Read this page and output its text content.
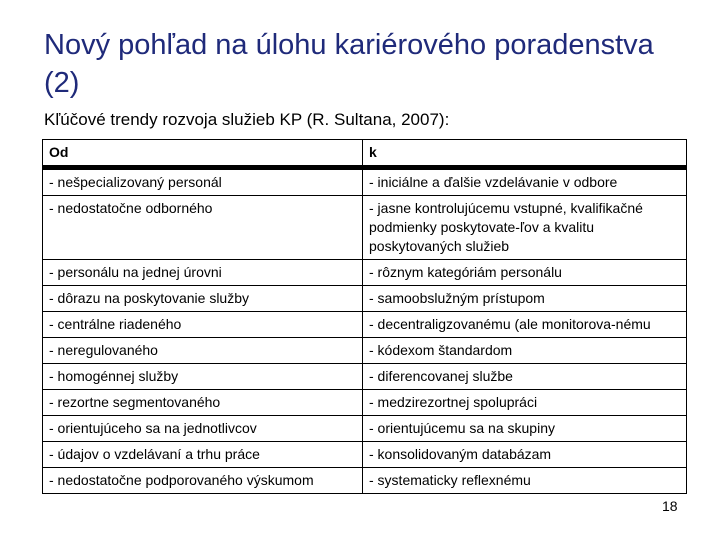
Nový pohľad na úlohu kariérového poradenstva (2)
Kľúčové trendy rozvoja služieb KP (R. Sultana, 2007):
Od	k
- nešpecializovaný personál	- iniciálne a ďalšie vzdelávanie v odbore
- nedostatočne odborného	- jasne kontrolujúcemu vstupné, kvalifikačné podmienky poskytovate-ľov a kvalitu poskytovaných služieb
- personálu na jednej úrovni	- rôznym kategóriám personálu
- dôrazu na poskytovanie služby	- samoobslužným prístupom
- centrálne riadeného	- decentraligzovanému (ale monitorova-nému
- neregulovaného	- kódexom štandardom
- homogénnej služby	- diferencovanej službe
- rezortne segmentovaného	- medzirezortnej spolupráci
- orientujúceho sa na jednotlivcov	- orientujúcemu sa na skupiny
- údajov o vzdelávaní a trhu práce	- konsolidovaným databázam
- nedostatočne podporovaného výskumom	- systematicky reflexnému
18
